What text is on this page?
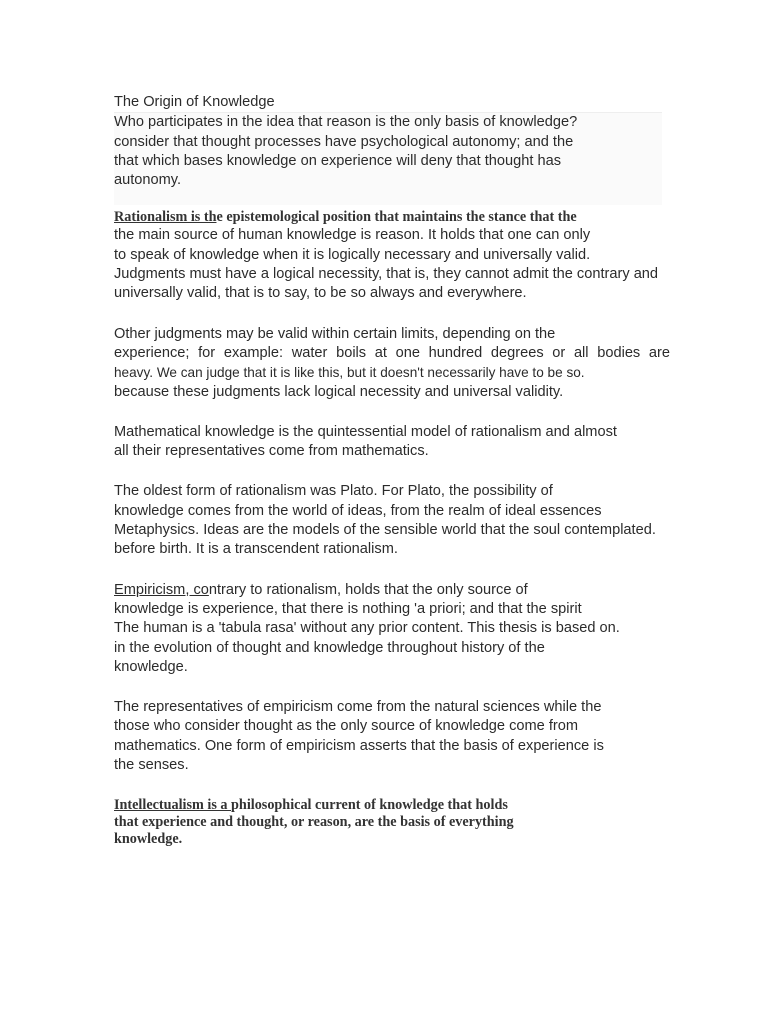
The Origin of Knowledge
Who participates in the idea that reason is the only basis of knowledge?
consider that thought processes have psychological autonomy; and the
that which bases knowledge on experience will deny that thought has
autonomy.

Rationalism is the epistemological position that maintains the stance that the
the main source of human knowledge is reason. It holds that one can only
to speak of knowledge when it is logically necessary and universally valid.
Judgments must have a logical necessity, that is, they cannot admit the contrary and
universally valid, that is to say, to be so always and everywhere.

Other judgments may be valid within certain limits, depending on the
experience; for example: water boils at one hundred degrees or all bodies are
heavy. We can judge that it is like this, but it doesn't necessarily have to be so.
because these judgments lack logical necessity and universal validity.

Mathematical knowledge is the quintessential model of rationalism and almost
all their representatives come from mathematics.

The oldest form of rationalism was Plato. For Plato, the possibility of
knowledge comes from the world of ideas, from the realm of ideal essences
Metaphysics. Ideas are the models of the sensible world that the soul contemplated.
before birth. It is a transcendent rationalism.

Empiricism, contrary to rationalism, holds that the only source of
knowledge is experience, that there is nothing 'a priori; and that the spirit
The human is a 'tabula rasa' without any prior content. This thesis is based on.
in the evolution of thought and knowledge throughout history of the
knowledge.

The representatives of empiricism come from the natural sciences while the
those who consider thought as the only source of knowledge come from
mathematics. One form of empiricism asserts that the basis of experience is
the senses.

Intellectualism is a philosophical current of knowledge that holds
that experience and thought, or reason, are the basis of everything
knowledge.
